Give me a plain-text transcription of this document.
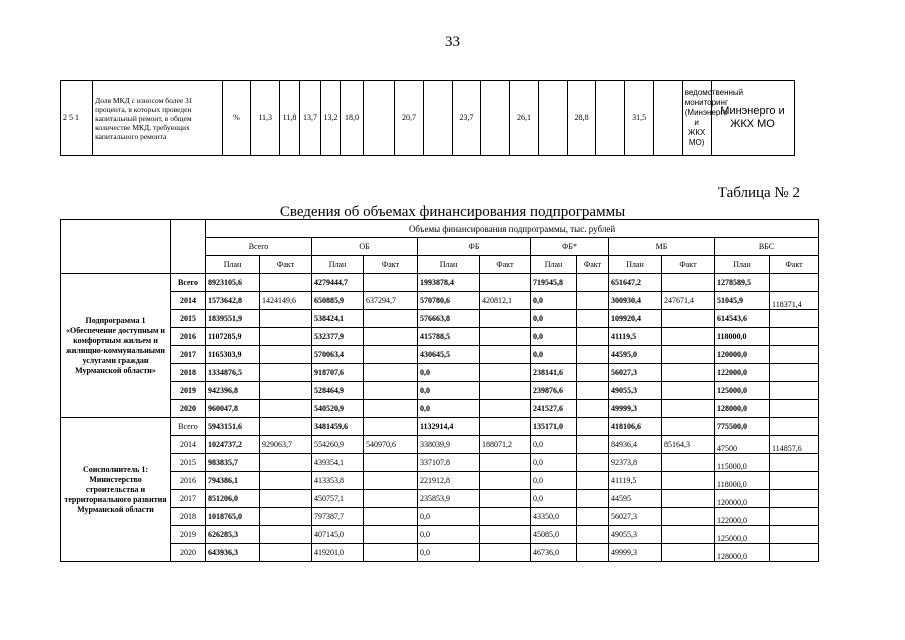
33
2 5 1	Доля МКД с износом более 31 процента, в которых проведен капитальный ремонт, в общем количестве МКД, требующих капитального ремонта	%	11,3	11,8	13,7	13,2	18,0		20,7		23,7		26,1		28,8		31,5		ведомственный мониторинг (Минэнерго и ЖКХ МО)	Минэнерго и ЖКХ МО
Таблица № 2
Сведения об объемах финансирования подпрограммы
		Объемы финансирования подпрограммы, тыс. рублей											
		Всего		ОБ		ФБ		ФБ*		МБ		ВБС	
		План	Факт	План	Факт	План	Факт	План	Факт	План	Факт	План	Факт
Подпрограмма 1 «Обеспечение доступным и комфортным жильем и жилищно-коммунальными услугами граждан Мурманской области»	Всего	8923105,6		4279444,7		1993878,4		719545,8		651647,2		1278589,5	
	2014	1573642,8	1424149,6	650885,9	637294,7	570780,6	420812,1	0,0		300930,4	247671,4	51045,9	118371,4
	2015	1839551,9		538424,1		576663,8		0,0		109920,4		614543,6	
	2016	1107285,9		532377,9		415788,5		0,0		41119,5		118000,0	
	2017	1165303,9		570063,4		430645,5		0,0		44595,0		120000,0	
	2018	1334876,5		918707,6		0,0		238141,6		56027,3		122000,0	
	2019	942396,8		528464,9		0,0		239876,6		49055,3		125000,0	
	2020	960047,8		540520,9		0,0		241527,6		49999,3		128000,0	
Соисполнитель 1: Министерство строительства и территориального развития Мурманской области	Всего	5943151,6		3481459,6		1132914,4		135171,0		418106,6		775500,0	
	2014	1024737,2	929063,7	554260,9	540970,6	338039,9	188071,2	0,0		84936,4	85164,3	47500	114857,6
	2015	983835,7		439354,1		337107,8		0,0		92373,8		115000,0	
	2016	794386,1		413353,8		221912,8		0,0		41119,5		118000,0	
	2017	851206,0		450757,1		235853,9		0,0		44595		120000,0	
	2018	1018765,0		797387,7		0,0		43350,0		56027,3		122000,0	
	2019	626285,3		407145,0		0,0		45085,0		49055,3		125000,0	
	2020	643936,3		419201,0		0,0		46736,0		49999,3		128000,0	
